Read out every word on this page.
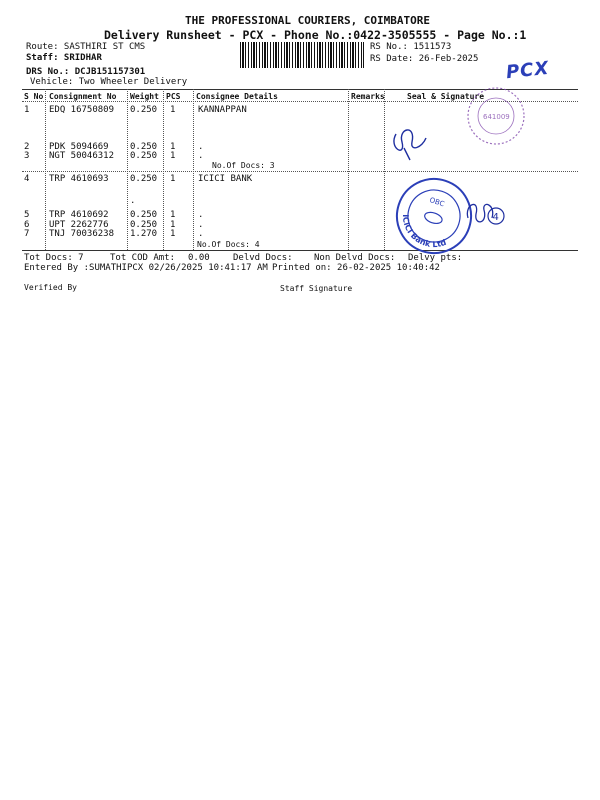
THE PROFESSIONAL COURIERS, COIMBATORE
Delivery Runsheet - PCX - Phone No.:0422-3505555 - Page No.:1
Route: SASTHIRI ST CMS
Staff: SRIDHAR
DRS No.: DCJB151157301
Vehicle: Two Wheeler Delivery
RS No.: 1511573
RS Date: 26-Feb-2025 PCX
S No Consignment No Weight PCS Consignee Details	Remarks	Seal & Signature
1 EDQ 16750809 0.250 1	KANNAPPAN
2 PDK 5094669 0.250 1	.
3 NGT 50046312 0.250 1	.
No.Of Docs: 3
4 TRP 4610693 0.250 1	ICICI BANK
.
5 TRP 4610692 0.250 1	.
6 UPT 2262776 0.250 1	.
7 TNJ 70036238 1.270 1	.
No.Of Docs: 4
641009
ICICI Bank Ltd
OBC
4
Tot Docs: 7	Tot COD Amt: 0.00	Delvd Docs: Non Delvd Docs: Delvy pts:
Entered By :SUMATHIPCX 02/26/2025 10:41:17 AM Printed on: 26-02-2025 10:40:42
Verified By	Staff Signature
